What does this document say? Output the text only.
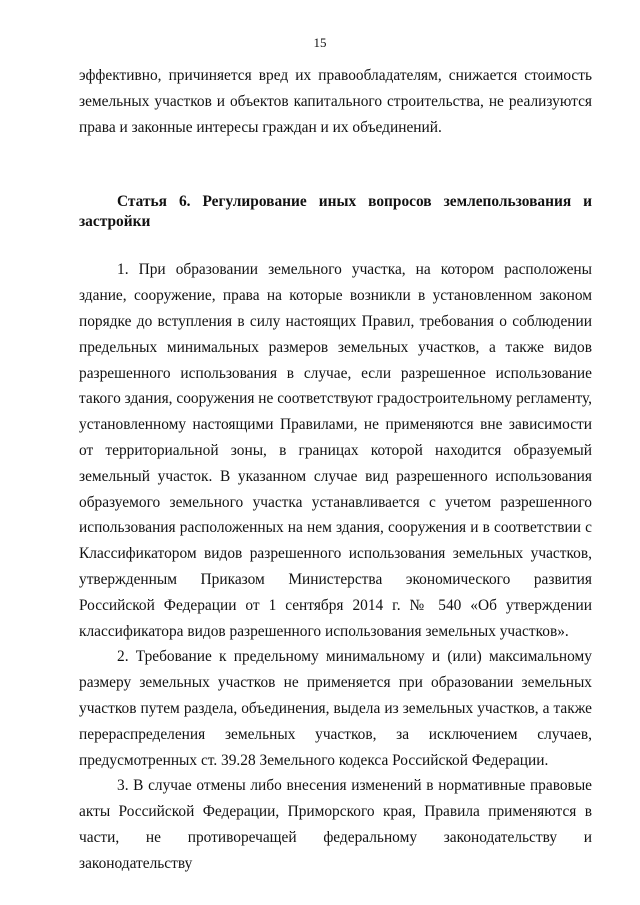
15

эффективно, причиняется вред их правообладателям, снижается стоимость земельных участков и объектов капитального строительства, не реализуются права и законные интересы граждан и их объединений.

Статья 6. Регулирование иных вопросов землепользования и застройки

1. При образовании земельного участка, на котором расположены здание, сооружение, права на которые возникли в установленном законом порядке до вступления в силу настоящих Правил, требования о соблюдении предельных минимальных размеров земельных участков, а также видов разрешенного использования в случае, если разрешенное использование такого здания, сооружения не соответствуют градостроительному регламенту, установленному настоящими Правилами, не применяются вне зависимости от территориальной зоны, в границах которой находится образуемый земельный участок. В указанном случае вид разрешенного использования образуемого земельного участка устанавливается с учетом разрешенного использования расположенных на нем здания, сооружения и в соответствии с Классификатором видов разрешенного использования земельных участков, утвержденным Приказом Министерства экономического развития Российской Федерации от 1 сентября 2014 г. № 540 «Об утверждении классификатора видов разрешенного использования земельных участков».

2. Требование к предельному минимальному и (или) максимальному размеру земельных участков не применяется при образовании земельных участков путем раздела, объединения, выдела из земельных участков, а также перераспределения земельных участков, за исключением случаев, предусмотренных ст. 39.28 Земельного кодекса Российской Федерации.

3. В случае отмены либо внесения изменений в нормативные правовые акты Российской Федерации, Приморского края, Правила применяются в части, не противоречащей федеральному законодательству и законодательству
